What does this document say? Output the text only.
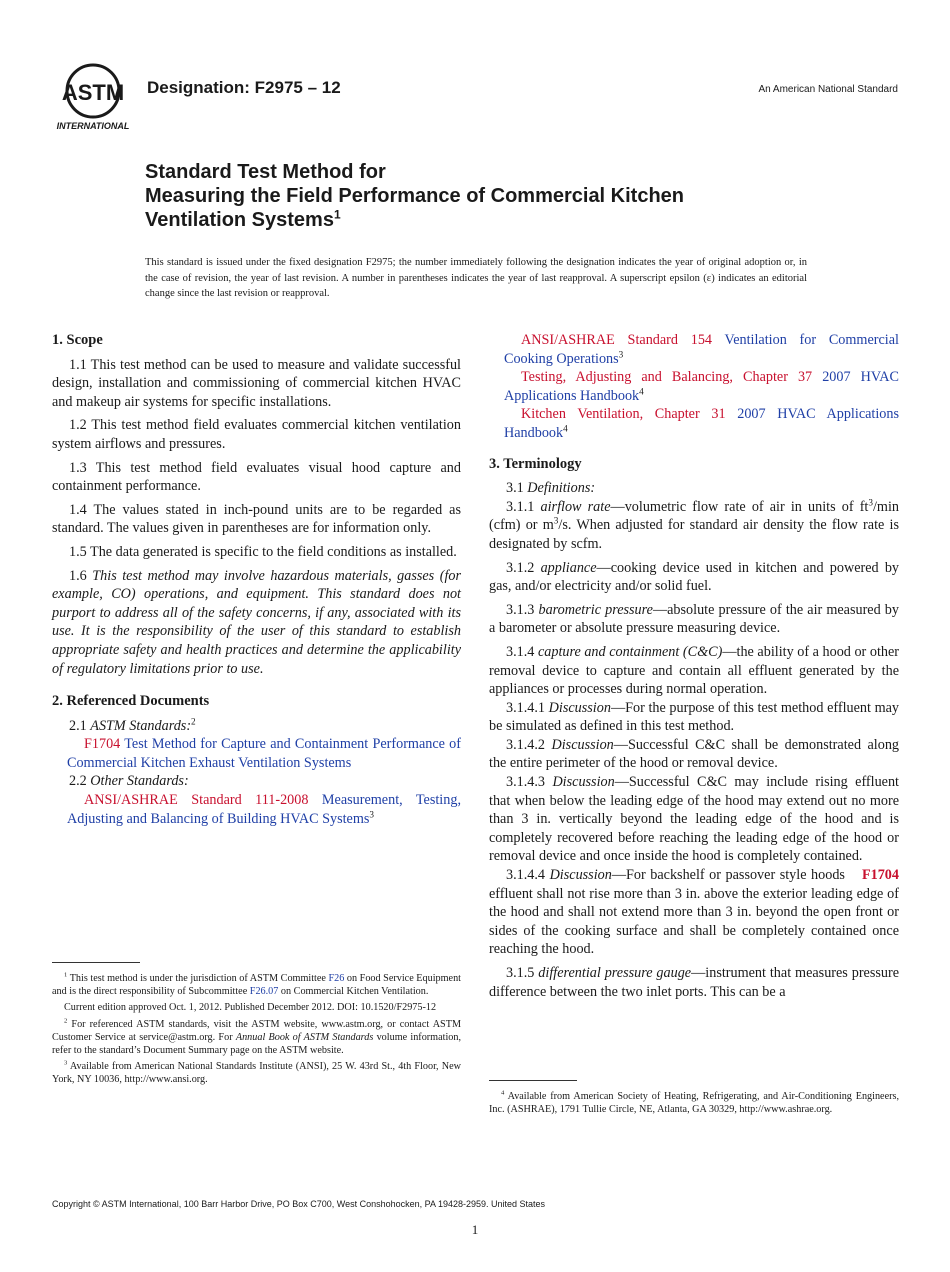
ASTM
INTERNATIONAL
Designation: F2975 – 12	An American National Standard
Standard Test Method for
Measuring the Field Performance of Commercial Kitchen
Ventilation Systems$^1$
This standard is issued under the fixed designation F2975; the number immediately following the designation indicates the year of original adoption or, in the case of revision, the year of last revision. A number in parentheses indicates the year of last reapproval. A superscript epsilon (ε) indicates an editorial change since the last revision or reapproval.
1. Scope

1.1 This test method can be used to measure and validate successful design, installation and commissioning of commercial kitchen HVAC and makeup air systems for specific installations.

1.2 This test method field evaluates commercial kitchen ventilation system airflows and pressures.

1.3 This test method field evaluates visual hood capture and containment performance.

1.4 The values stated in inch-pound units are to be regarded as standard. The values given in parentheses are for information only.

1.5 The data generated is specific to the field conditions as installed.

1.6 This test method may involve hazardous materials, gasses (for example, CO) operations, and equipment. This standard does not purport to address all of the safety concerns, if any, associated with its use. It is the responsibility of the user of this standard to establish appropriate safety and health practices and determine the applicability of regulatory limitations prior to use.

2. Referenced Documents

2.1 ASTM Standards:$^2$

F1704 Test Method for Capture and Containment Performance of Commercial Kitchen Exhaust Ventilation Systems

2.2 Other Standards:

ANSI/ASHRAE Standard 111-2008 Measurement, Testing, Adjusting and Balancing of Building HVAC Systems$^3$

$^1$ This test method is under the jurisdiction of ASTM Committee F26 on Food Service Equipment and is the direct responsibility of Subcommittee F26.07 on Commercial Kitchen Ventilation.

Current edition approved Oct. 1, 2012. Published December 2012. DOI: 10.1520/F2975-12

$^2$ For referenced ASTM standards, visit the ASTM website, www.astm.org, or contact ASTM Customer Service at service@astm.org. For Annual Book of ASTM Standards volume information, refer to the standard’s Document Summary page on the ASTM website.

$^3$ Available from American National Standards Institute (ANSI), 25 W. 43rd St., 4th Floor, New York, NY 10036, http://www.ansi.org.

ANSI/ASHRAE Standard 154 Ventilation for Commercial Cooking Operations$^3$

Testing, Adjusting and Balancing, Chapter 37 2007 HVAC Applications Handbook$^4$

Kitchen Ventilation, Chapter 31 2007 HVAC Applications Handbook$^4$

3. Terminology

3.1 Definitions:

3.1.1 airflow rate—volumetric flow rate of air in units of $ft^3/\min$ (cfm) or $m^3/s$. When adjusted for standard air density the flow rate is designated by scfm.

3.1.2 appliance—cooking device used in kitchen and powered by gas, and/or electricity and/or solid fuel.

3.1.3 barometric pressure—absolute pressure of the air measured by a barometer or absolute pressure measuring device.

3.1.4 capture and containment (C&C)—the ability of a hood or other removal device to capture and contain all effluent generated by the appliances or processes during normal operation.

3.1.4.1 Discussion—For the purpose of this test method effluent may be simulated as defined in this test method.

3.1.4.2 Discussion—Successful C&C shall be demonstrated along the entire perimeter of the hood or removal device.

3.1.4.3 Discussion—Successful C&C may include rising effluent that when below the leading edge of the hood may extend out no more than 3 in. vertically beyond the leading edge of the hood and is completely recovered before reaching the leading edge of the hood or removal device and once inside the hood is completely contained.
F1704

3.1.4.4 Discussion—For backshelf or passover style hoods effluent shall not rise more than 3 in. above the exterior leading edge of the hood and shall not extend more than 3 in. beyond the open front or sides of the cooking surface and shall be completely contained once reaching the hood.

3.1.5 differential pressure gauge—instrument that measures pressure difference between the two inlet ports. This can be a

$^4$ Available from American Society of Heating, Refrigerating, and Air-Conditioning Engineers, Inc. (ASHRAE), 1791 Tullie Circle, NE, Atlanta, GA 30329, http://www.ashrae.org.

Copyright © ASTM International, 100 Barr Harbor Drive, PO Box C700, West Conshohocken, PA 19428-2959. United States
1
